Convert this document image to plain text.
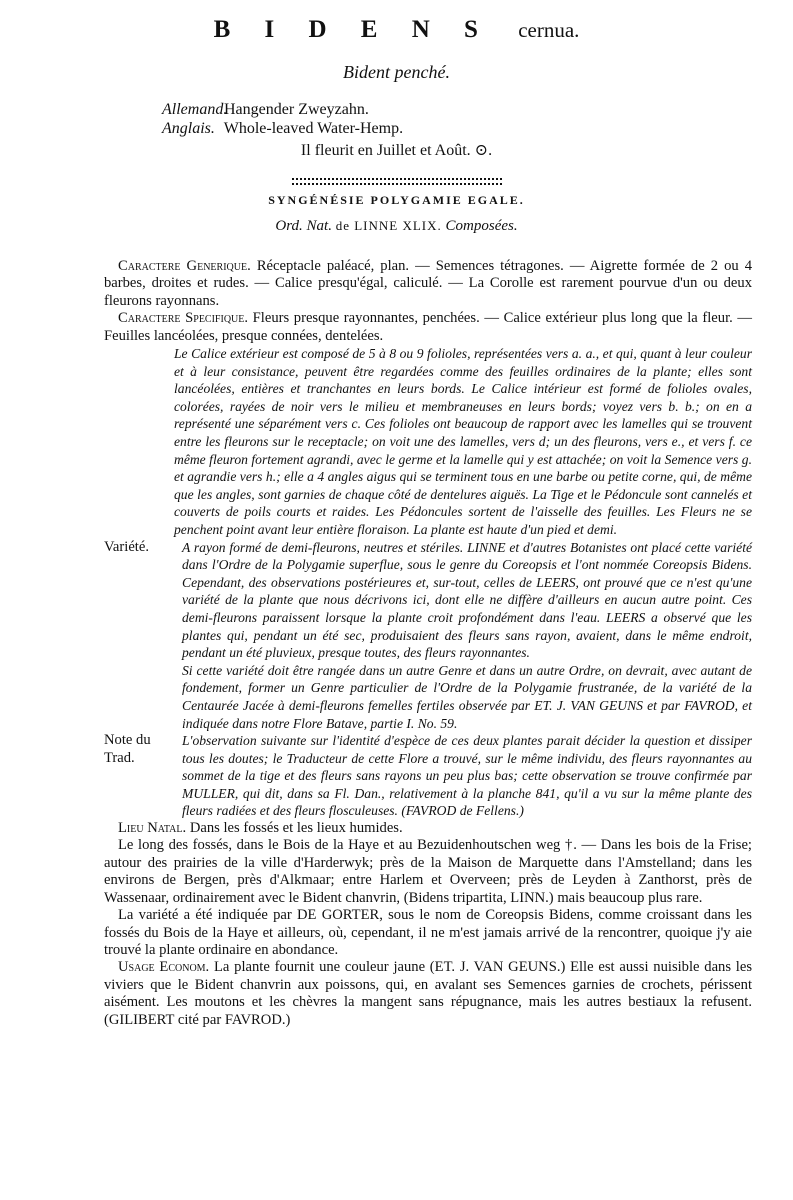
B I D E N S cernua.
Bident penché.
Allemand. Hangender Zweyzahn.
Anglais. Whole-leaved Water-Hemp.
Il fleurit en Juillet et Août. ⊙.
SYNGÉNÉSIE POLYGAMIE EGALE.
Ord. Nat. de LINNE XLIX. Composées.

Caractere Generique. Réceptacle paléacé, plan. — Semences tétragones. — Aigrette formée de 2 ou 4 barbes, droites et rudes. — Calice presqu'égal, caliculé. — La Corolle est rarement pourvue d'un ou deux fleurons rayonnans.

Caractere Specifique. Fleurs presque rayonnantes, penchées. — Calice extérieur plus long que la fleur. — Feuilles lancéolées, presque connées, dentelées.

Le Calice extérieur est composé de 5 à 8 ou 9 folioles, représentées vers a. a., et qui, quant à leur couleur et à leur consistance, peuvent être regardées comme des feuilles ordinaires de la plante; elles sont lancéolées, entières et tranchantes en leurs bords. Le Calice intérieur est formé de folioles ovales, colorées, rayées de noir vers le milieu et membraneuses en leurs bords; voyez vers b. b.; on en a représenté une séparément vers c. Ces folioles ont beaucoup de rapport avec les lamelles qui se trouvent entre les fleurons sur le receptacle; on voit une des lamelles, vers d; un des fleurons, vers e., et vers f. ce même fleuron fortement agrandi, avec le germe et la lamelle qui y est attachée; on voit la Semence vers g. et agrandie vers h.; elle a 4 angles aigus qui se terminent tous en une barbe ou petite corne, qui, de même que les angles, sont garnies de chaque côté de dentelures aiguës. La Tige et le Pédoncule sont cannelés et couverts de poils courts et raides. Les Pédoncules sortent de l'aisselle des feuilles. Les Fleurs ne se penchent point avant leur entière floraison. La plante est haute d'un pied et demi.

Variété.	A rayon formé de demi-fleurons, neutres et stériles. LINNE et d'autres Botanistes ont placé cette variété dans l'Ordre de la Polygamie superflue, sous le genre du Coreopsis et l'ont nommée Coreopsis Bidens. Cependant, des observations postérieures et, sur-tout, celles de LEERS, ont prouvé que ce n'est qu'une variété de la plante que nous décrivons ici, dont elle ne diffère d'ailleurs en aucun autre point. Ces demi-fleurons paraissent lorsque la plante croit profondément dans l'eau. LEERS a observé que les plantes qui, pendant un été sec, produisaient des fleurs sans rayon, avaient, dans le même endroit, pendant un été pluvieux, presque toutes, des fleurs rayonnantes.

Si cette variété doit être rangée dans un autre Genre et dans un autre Ordre, on devrait, avec autant de fondement, former un Genre particulier de l'Ordre de la Polygamie frustranée, de la variété de la Centaurée Jacée à demi-fleurons femelles fertiles observée par ET. J. VAN GEUNS et par FAVROD, et indiquée dans notre Flore Batave, partie I. No. 59.

Note du Trad.
L'observation suivante sur l'identité d'espèce de ces deux plantes parait décider la question et dissiper tous les doutes; le Traducteur de cette Flore a trouvé, sur le même individu, des fleurs rayonnantes au sommet de la tige et des fleurs sans rayons un peu plus bas; cette observation se trouve confirmée par MULLER, qui dit, dans sa Fl. Dan., relativement à la planche 841, qu'il a vu sur la même plante des fleurs radiées et des fleurs flosculeuses. (FAVROD de Fellens.)

Lieu Natal. Dans les fossés et les lieux humides.

Le long des fossés, dans le Bois de la Haye et au Bezuidenhoutschen weg †. — Dans les bois de la Frise; autour des prairies de la ville d'Harderwyk; près de la Maison de Marquette dans l'Amstelland; dans les environs de Bergen, près d'Alkmaar; entre Harlem et Overveen; près de Leyden à Zanthorst, près de Wassenaar, ordinairement avec le Bident chanvrin, (Bidens tripartita, LINN.) mais beaucoup plus rare.

La variété a été indiquée par DE GORTER, sous le nom de Coreopsis Bidens, comme croissant dans les fossés du Bois de la Haye et ailleurs, où, cependant, il ne m'est jamais arrivé de la rencontrer, quoique j'y aie trouvé la plante ordinaire en abondance.

Usage Econom. La plante fournit une couleur jaune (ET. J. VAN GEUNS.) Elle est aussi nuisible dans les viviers que le Bident chanvrin aux poissons, qui, en avalant ses Semences garnies de crochets, périssent aisément. Les moutons et les chèvres la mangent sans répugnance, mais les autres bestiaux la refusent. (GILIBERT cité par FAVROD.)
